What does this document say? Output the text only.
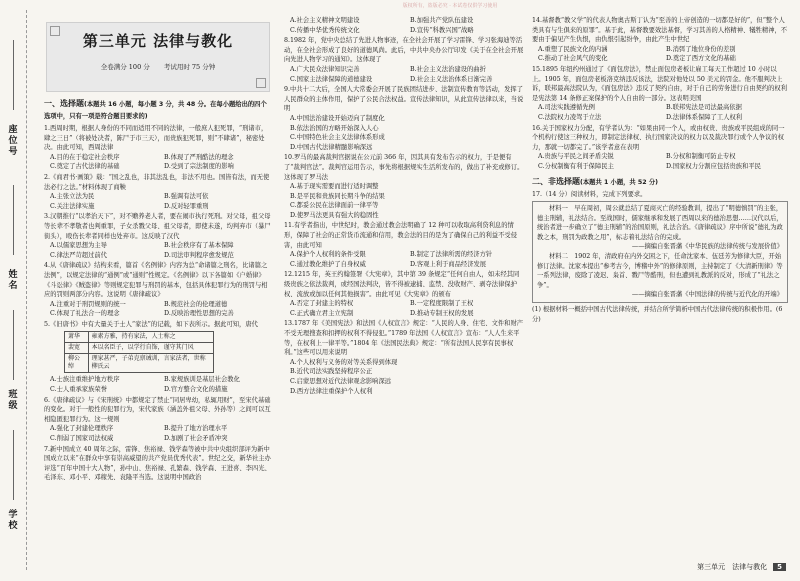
版权所有，盗版必究 · 本试卷仅供学习使用
座位号
姓名
班级
学校
第三单元 法律与教化
全卷满分 100 分 考试用时 75 分钟
一、选择题(本题共 16 小题，每小题 3 分，共 48 分。在每小题给出的四个选项中，只有一项是符合题目要求的)
1.西周时期，根据人身份的不同而适用不同的法律，一般庶人犯死罪，“刑诸市，肆之三日”（将被处决者，陈尸于市三天），而贵族犯死罪，则“不肆诸”，秘密处决。由此可知，西周法律
A.目的在于稳定社会秩序	B.体现了严刑酷法的理念
C.奠定了古代法律的基础	D.受到了宗法制度的影响
2.《商君书·画策》载：“国之乱也，非其法乱也，非法不用也。国皆有法，而无使法必行之法。”材料体现了商鞅
A.主张立法为民	B.强调有法可依
C.关注法律实施	D.反对轻罪重刑
3.汉朝推行“以孝治天下”，对不赡养老人者，要在闹市执行死刑。对父母，祖父母等长辈不孝敬者也判重罪，子女杀戮父母、祖父母者，即使未遂，均判弃市（暴尸街头），殴伤长辈者同样也处弃市。这反映了汉代
A.以儒家思想为主导	B.社会秩序有了基本保障
C.律法严苛超过前代	D.司法审判程序愈发规范
4.从《唐律疏议》结构来看，篇首《名例律》内容为总“命诸篇之刑名，比诸篇之法例”，以规定法律的“通例”或“通则”性规定。《名例律》以下各篇如《户婚律》《斗讼律》《贼盗律》等则规定犯罪与刑罚的基本，包括具体犯罪行为的刑罚与相应的罚则两部分内容。这说明《唐律疏议》
A.注重对于刑罚规则的统一	B.规范社会的伦理道德
C.体现了礼法合一的理念	D.反映治理性思想的完善
5.《旧唐书》中有大量关于士人“家法”的记载，如下表所示。据此可知，唐代
萧华	雍素方雅，持有家法，人士称之
裴宽	本以名臣子，以学行自饰，谨守其门风
柳公绰	理家甚严，子弟克禀诫训，言家法者，世称柳氏云
A.士族注重维护地方秩序	B.家规族训是基层社会教化
C.士人重承家族荣誉	D.官方整合文化的措施
6.《唐律疏议》与《宋刑统》中都规定了禁止“同居卑幼，私辄用财”，至宋代基础的变化。对于一般性的犯罪行为，宋代家族（涵盖外祖父母、外孙等）之间可以互相隐匿犯罪行为。这一规则
A.强化了封建伦理秩序	B.提升了地方治理水平
C.削弱了国家司法权威	D.加剧了社会矛盾冲突
7.新中国成立 40 周年之际，雷锋、焦裕禄、钱学森等被中共中央组织部评为新中国成立以来“在群众中享有崇高威望的共产党员优秀代表”。世纪之交，新华社主办评选“百年中国十大人物”，孙中山、焦裕禄、孔繁森、钱学森、王进喜、李四光、毛泽东、邓小平、邓稼先、袁隆平当选。这说明中国政治
A.社会主义精神文明建设	B.加强共产党队伍建设
C.传播中华优秀传统文化	D.宣传“科教兴国”战略
8.1982 年，党中央总结了先进人物事迹，在全社会开展了学习雷锋、学习张海迪等活动，在全社会形成了良好的道德风尚。此后，中共中央办公厅印发《关于在全社会开展向先进人物学习的通知》。这体现了
A.广大民众法律知识完善	B.社会主义法治建设的曲折
C.国家主法律保障的道德建设	D.社会主义法治体系日渐完善
9.中共十二大后，全国人大常委会开展了民族团结进步、法制宣传教育等活动，发挥了人民群众的主体作用，保护了公民合法权益。宣传法律知识，从此宣传法律以来，当说明
A.中国法治建设开始迈向了制度化
B.依法治国的方略开始深入人心
C.中国特色社会主义法律体系形成
D.中国古代法律精髓影响深远
10.罗马的最高裁判官据说在公元前 366 年，因其具有发布告示的权力，于是便有了“裁判官法”。裁判官运用告示，事先将根据规实生活所发布的，做出了补充或修订。这体现了罗马法
A.基于现实需要而进行适时调整
B.是平民和贵族同长期斗争的结果
C.都妥公民在法律面前一律平等
D.使罗马法更具有强大的稳固性
11.有学者指出，中世纪时，教会通过教会法明确了 12 种可以收取高利贷利息的情形，保障了社会的正常货币流通和信用，教会法的目的是为了确保自己的利益不受侵害，由此可知
A.保护个人权利的条件受限	B.制定了法律所需的经济方针
C.通过教化维护了自身权威	D.客观上利于商品经济发展
12.1215 年，英王约翰签署《大宪章》，其中第 39 条规定“任何自由人，如未经其同级贵族之依法裁判，或经国法判决，皆不得被逮捕、监禁、没收财产、剥夺法律保护权、流放或加以任何其他损害”。由此可见《大宪章》的颁布
A.否定了封建主的特权	B.一定程度限制了王权
C.正式确立君主立宪制	D.推动专制王权的发展
13.1787 年《美国宪法》和法国《人权宣言》规定：“人民的人身、住宅、文件和财产不受无理搜查和扣押的权利不得侵犯。”1789 年法国《人权宣言》宣布：“人人生来平等，在权利上一律平等。”1804 年《法国民法典》规定：“所有法国人民享有民事权利。”这些可以用来说明
A.个人权利与义务的对等关系得到体现
B.近代司法实践坚持程序公正
C.启蒙思想对近代法律观念影响深远
D.西方法律注重保护个人权利
14.基督教“教父学”的代表人物奥古斯丁认为“至善的上帝创造的一切都是好的”，但“整个人类具有与生俱来的原罪”。基于此，基督教要效法基督，学习其善的人格精神、犠牲精神，不要由于偏见产生仇恨，由仇恨引起纷争，由此产生中世纪
A.重塑了民族文化的内涵	B.消弭了地位身份的差别
C.推动了社会风气的变化	D.奠定了西方文化的基础
15.1895 年纽约州通过了《面包房法》，禁止面包房老板让雇工每天工作超过 10 小时以上。1905 年，面包房老板洛克纳违反该法，法院对他处以 50 美元的罚金。他不服判决上诉，联邦最高法院认为，《面包房法》违反了契约自由，对于自己的劳务进行自由契约的权利是宪法第 14 条修正案保护的个人自由的一部分。这表明美国
A.司法实践遵循先例	B.联邦宪法是司法最高依据
C.法院权力凌驾于立法	D.法律体系保障了工人权利
16.关于国家权力分配，有学者认为：“如果由同一个人，或由权贵、贵族或平民组成的同一个机构行使这三种权力，即制定法律权、执行国家决议的权力以及裁决罪行或个人争议的权力，那就一切都完了。”该学者意在表明
A.贵族与平民之间矛盾尖锐	B.分权和制衡可防止专权
C.分权制衡有利于保障民主	D.国家权力分割应包括贵族和平民
二、非选择题(本题共 1 小题，共 52 分)
17.（14 分）阅读材料，完成下列要求。
材料一　早在周初，周公就总结了夏商灭亡的经验教训，提出了“明德慎罚”的主张，德主刑辅，礼法结合。至战国时，儒家继承和发展了西周以来的德治思想……汉代以后，统治者进一步确立了“德主刑辅”的治国原则，礼法合治。《唐律疏议》序中所说“德礼为政教之本，刑罚为政教之用”，标志着礼法结合的完成。
——摘编自张晋藩《中华民族的法律传统与发展价值》
材料二　1902 年，清政府在内外交困之下，任命沈家本、伍廷芳为修律大臣，开始修订法律。沈家本提出“参考古今，博稽中外”的修律原则，主持制定了《大清新刑律》等一系列法律，废除了凌迟、枭首、戮尸等酷刑，但也遭到礼教派的反对，形成了“礼法之争”。
——摘编自张晋藩《中国法律的传统与近代化的开端》
(1) 根据材料一概括中国古代法律传统，并结合所学简析中国古代法律传统的积极作用。(6 分)
第三单元　法律与教化	5
